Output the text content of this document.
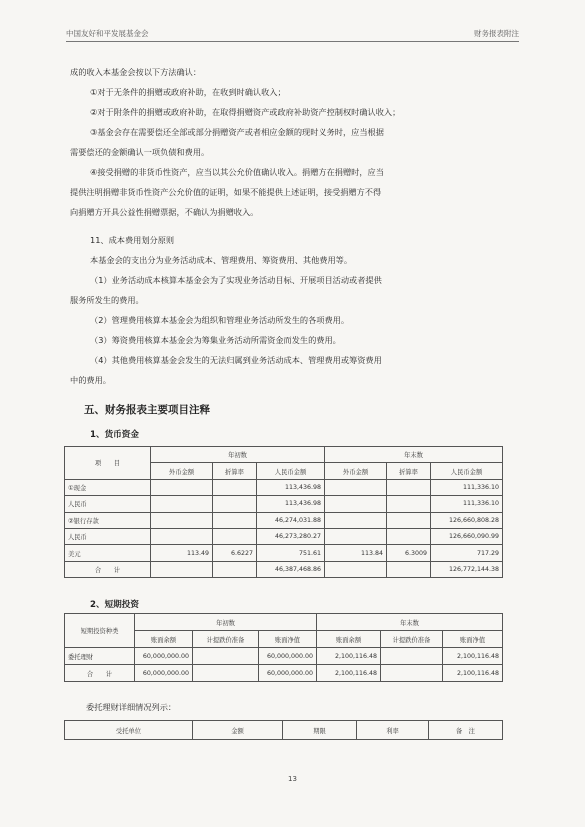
中国友好和平发展基金会	财务报表附注
成的收入本基金会按以下方法确认：
①对于无条件的捐赠或政府补助，在收到时确认收入；
②对于附条件的捐赠或政府补助，在取得捐赠资产或政府补助资产控制权时确认收入；
③基金会存在需要偿还全部或部分捐赠资产或者相应金额的现时义务时，应当根据
需要偿还的金额确认一项负债和费用。
④接受捐赠的非货币性资产，应当以其公允价值确认收入。捐赠方在捐赠时，应当
提供注明捐赠非货币性资产公允价值的证明，如果不能提供上述证明，接受捐赠方不得
向捐赠方开具公益性捐赠票据，不确认为捐赠收入。
11、成本费用划分原则
本基金会的支出分为业务活动成本、管理费用、筹资费用、其他费用等。
（1）业务活动成本核算本基金会为了实现业务活动目标、开展项目活动或者提供
服务所发生的费用。
（2）管理费用核算本基金会为组织和管理业务活动所发生的各项费用。
（3）筹资费用核算本基金会为筹集业务活动所需资金而发生的费用。
（4）其他费用核算基金会发生的无法归属到业务活动成本、管理费用或筹资费用
中的费用。
五、财务报表主要项目注释
1、货币资金
项　　目	年初数			年末数		
	外币金额	折算率	人民币金额	外币金额	折算率	人民币金额
①现金			113,436.98			111,336.10
人民币			113,436.98			111,336.10
②银行存款			46,274,031.88			126,660,808.28
人民币			46,273,280.27			126,660,090.99
美元	113.49	6.6227	751.61	113.84	6.3009	717.29
合　　计			46,387,468.86			126,772,144.38
2、短期投资
短期投资种类	年初数			年末数		
	账面余额	计提跌价准备	账面净值	账面余额	计提跌价准备	账面净值
委托理财	60,000,000.00		60,000,000.00	2,100,116.48		2,100,116.48
合　　计	60,000,000.00		60,000,000.00	2,100,116.48		2,100,116.48
委托理财详细情况列示：
受托单位	金额	期限	利率	备　注
13
